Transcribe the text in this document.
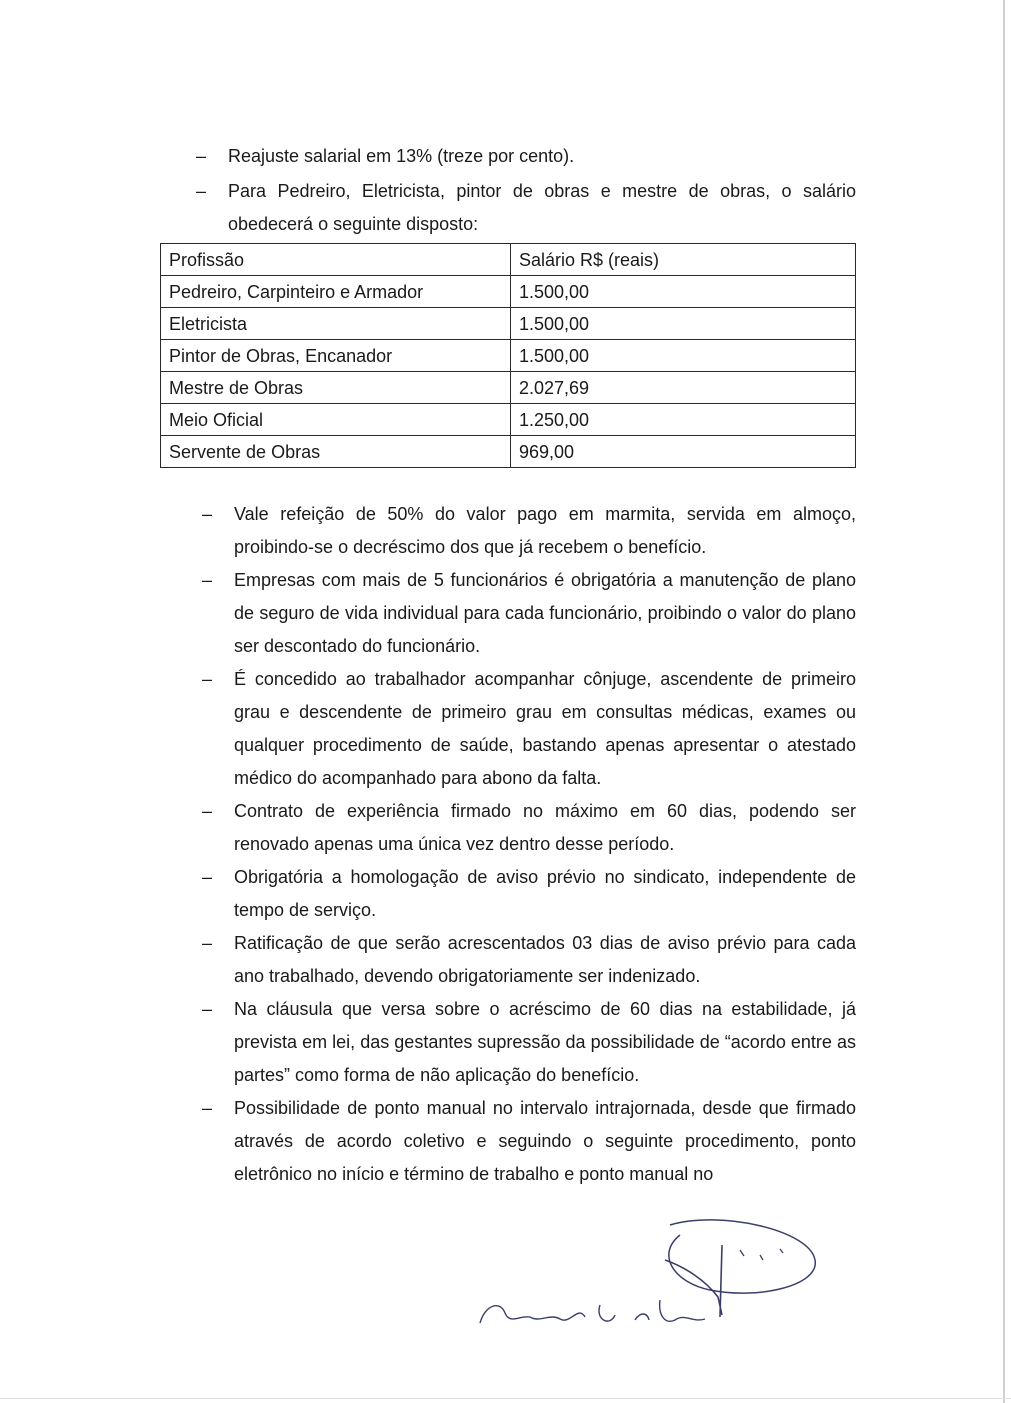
– Reajuste salarial em 13% (treze por cento).
– Para Pedreiro, Eletricista, pintor de obras e mestre de obras, o salário obedecerá o seguinte disposto:
Profissão	Salário R$ (reais)
Pedreiro, Carpinteiro e Armador	1.500,00
Eletricista	1.500,00
Pintor de Obras, Encanador	1.500,00
Mestre de Obras	2.027,69
Meio Oficial	1.250,00
Servente de Obras	969,00
– Vale refeição de 50% do valor pago em marmita, servida em almoço, proibindo-se o decréscimo dos que já recebem o benefício.
– Empresas com mais de 5 funcionários é obrigatória a manutenção de plano de seguro de vida individual para cada funcionário, proibindo o valor do plano ser descontado do funcionário.
– É concedido ao trabalhador acompanhar cônjuge, ascendente de primeiro grau e descendente de primeiro grau em consultas médicas, exames ou qualquer procedimento de saúde, bastando apenas apresentar o atestado médico do acompanhado para abono da falta.
– Contrato de experiência firmado no máximo em 60 dias, podendo ser renovado apenas uma única vez dentro desse período.
– Obrigatória a homologação de aviso prévio no sindicato, independente de tempo de serviço.
– Ratificação de que serão acrescentados 03 dias de aviso prévio para cada ano trabalhado, devendo obrigatoriamente ser indenizado.
– Na cláusula que versa sobre o acréscimo de 60 dias na estabilidade, já prevista em lei, das gestantes supressão da possibilidade de “acordo entre as partes” como forma de não aplicação do benefício.
– Possibilidade de ponto manual no intervalo intrajornada, desde que firmado através de acordo coletivo e seguindo o seguinte procedimento, ponto eletrônico no início e término de trabalho e ponto manual no
